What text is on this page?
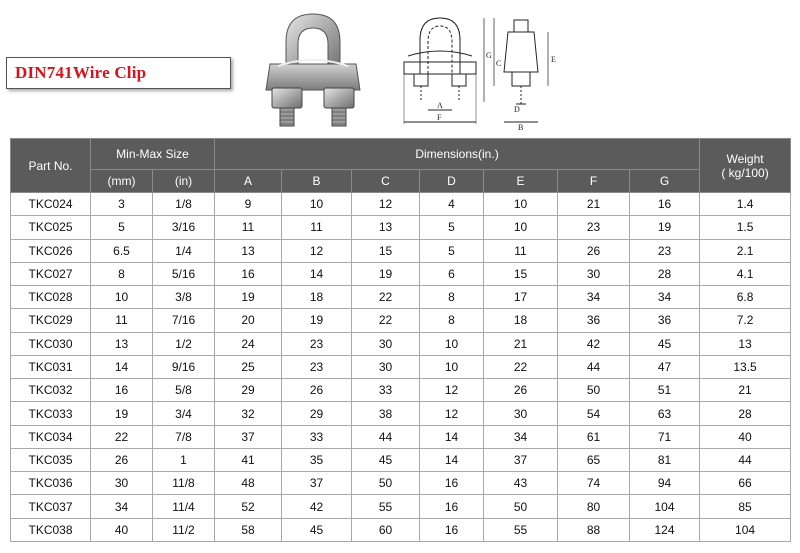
DIN741Wire Clip
A
F
G
C
D
B
E
Part No.	Min-Max Size		Dimensions(in.)							Weight
( kg/100)
	(mm)	(in)	A	B	C	D	E	F	G	
TKC024	3	1/8	9	10	12	4	10	21	16	1.4
TKC025	5	3/16	11	11	13	5	10	23	19	1.5
TKC026	6.5	1/4	13	12	15	5	11	26	23	2.1
TKC027	8	5/16	16	14	19	6	15	30	28	4.1
TKC028	10	3/8	19	18	22	8	17	34	34	6.8
TKC029	11	7/16	20	19	22	8	18	36	36	7.2
TKC030	13	1/2	24	23	30	10	21	42	45	13
TKC031	14	9/16	25	23	30	10	22	44	47	13.5
TKC032	16	5/8	29	26	33	12	26	50	51	21
TKC033	19	3/4	32	29	38	12	30	54	63	28
TKC034	22	7/8	37	33	44	14	34	61	71	40
TKC035	26	1	41	35	45	14	37	65	81	44
TKC036	30	11/8	48	37	50	16	43	74	94	66
TKC037	34	11/4	52	42	55	16	50	80	104	85
TKC038	40	11/2	58	45	60	16	55	88	124	104
